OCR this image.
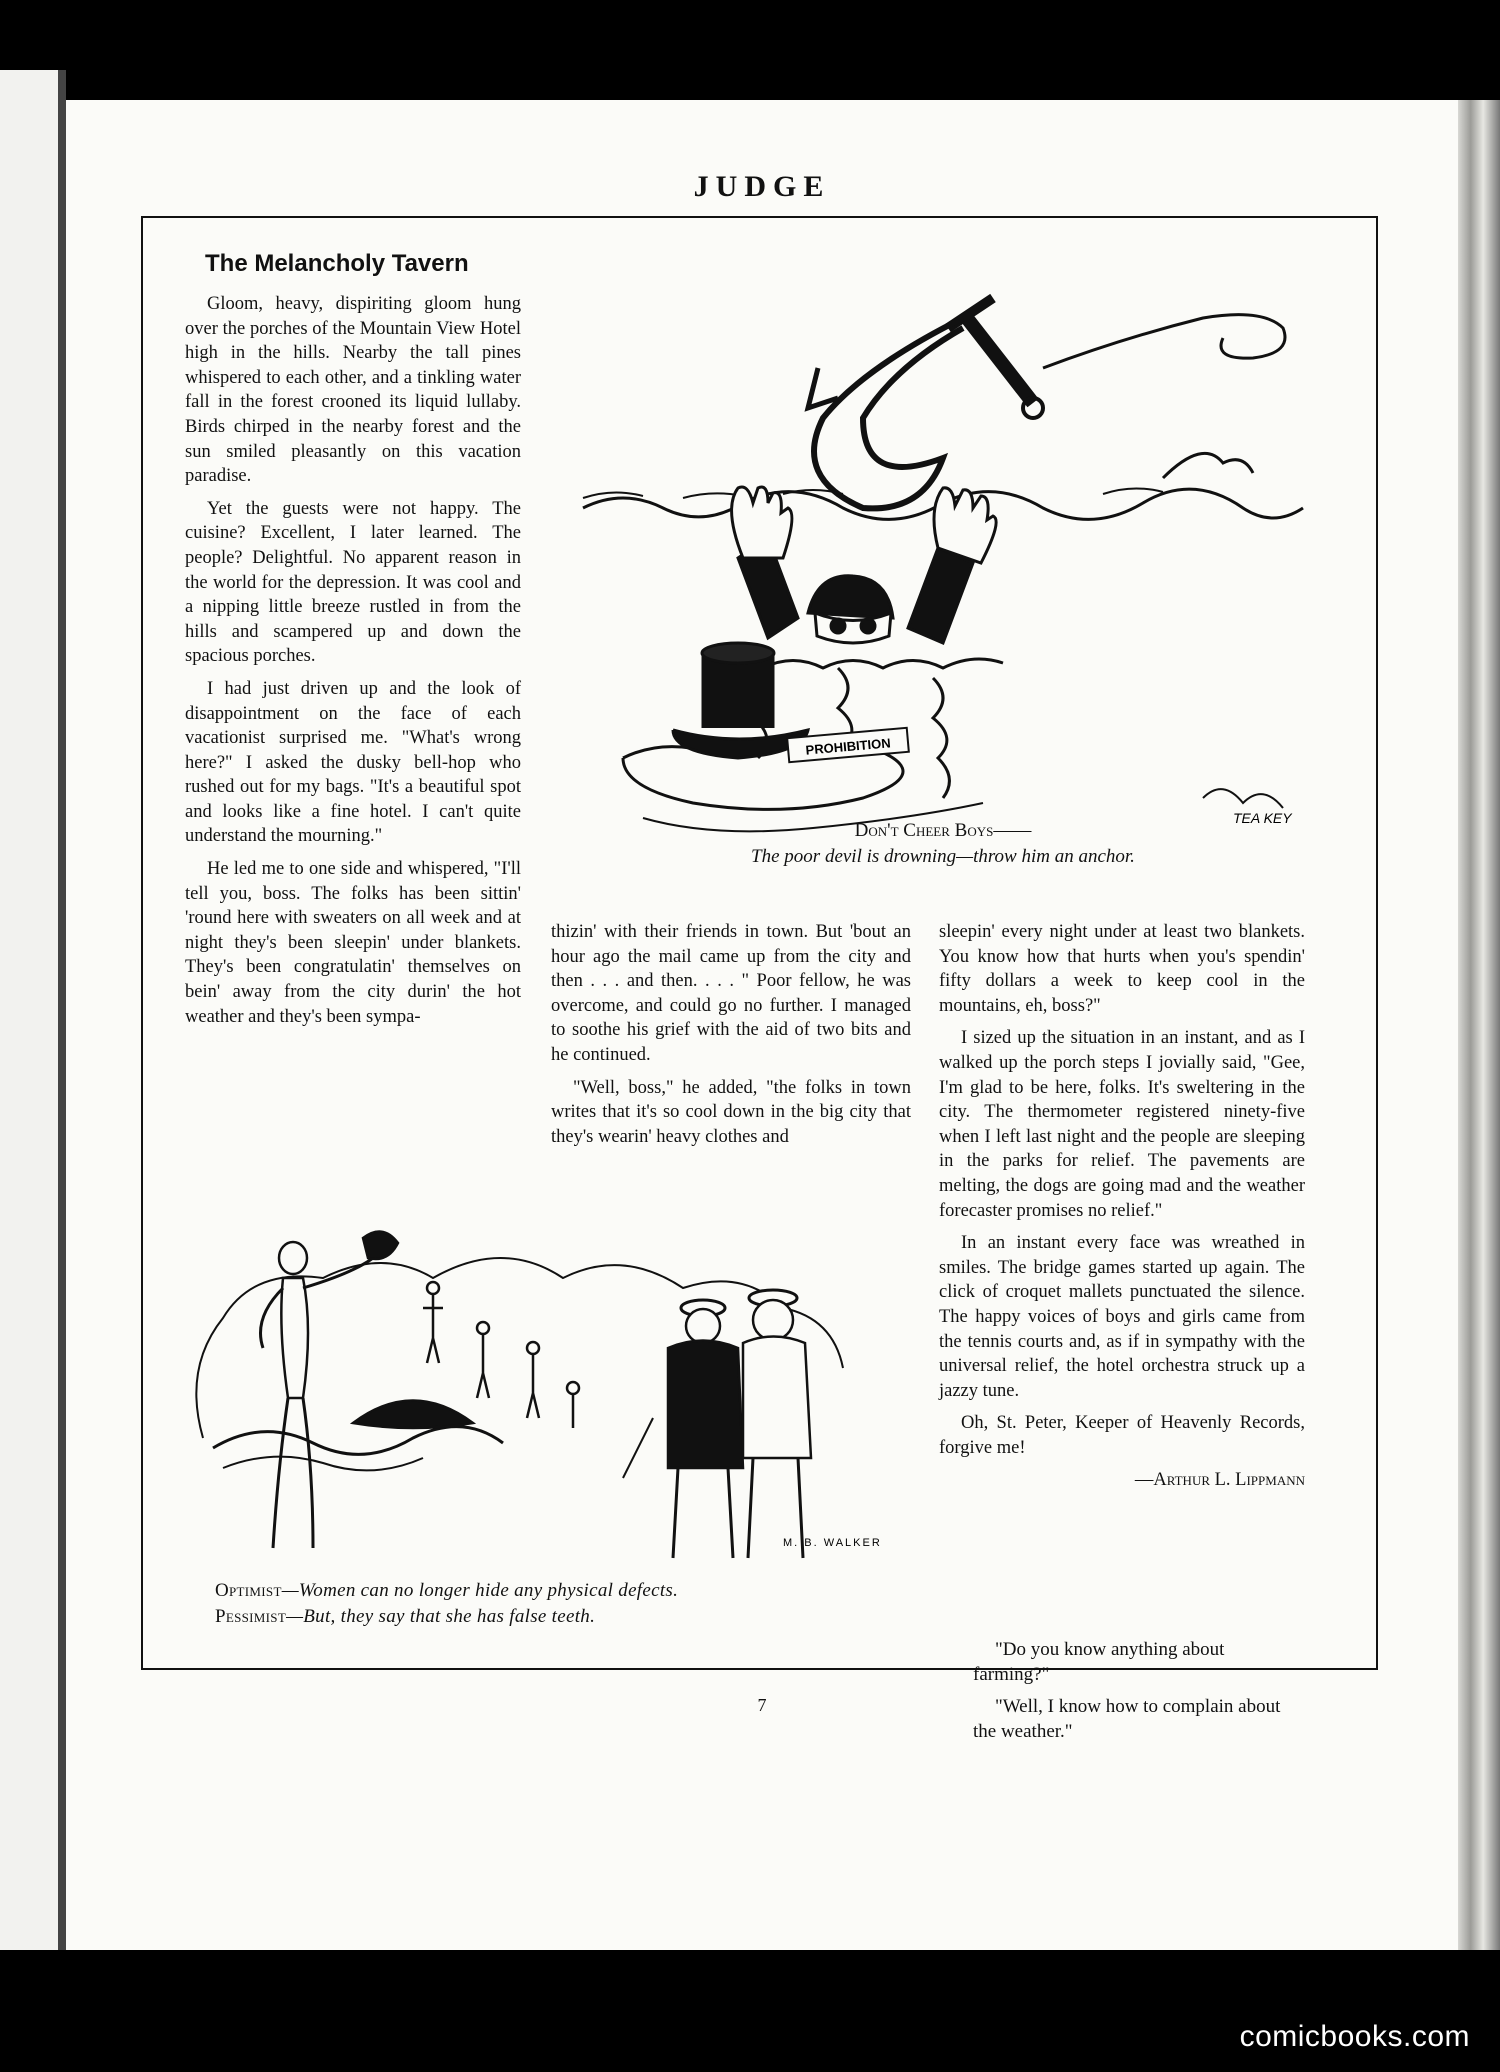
JUDGE
The Melancholy Tavern

Gloom, heavy, dispiriting gloom hung over the porches of the Mountain View Hotel high in the hills. Nearby the tall pines whispered to each other, and a tinkling water fall in the forest crooned its liquid lullaby. Birds chirped in the nearby forest and the sun smiled pleasantly on this vacation paradise.

Yet the guests were not happy. The cuisine? Excellent, I later learned. The people? Delightful. No apparent reason in the world for the depression. It was cool and a nipping little breeze rustled in from the hills and scampered up and down the spacious porches.

I had just driven up and the look of disappointment on the face of each vacationist surprised me. "What's wrong here?" I asked the dusky bell-hop who rushed out for my bags. "It's a beautiful spot and looks like a fine hotel. I can't quite understand the mourning."

He led me to one side and whispered, "I'll tell you, boss. The folks has been sittin' 'round here with sweaters on all week and at night they's been sleepin' under blankets. They's been congratulatin' themselves on bein' away from the city durin' the hot weather and they's been sympa-

thizin' with their friends in town. But 'bout an hour ago the mail came up from the city and then . . . and then. . . . " Poor fellow, he was overcome, and could go no further. I managed to soothe his grief with the aid of two bits and he continued.

"Well, boss," he added, "the folks in town writes that it's so cool down in the big city that they's wearin' heavy clothes and

sleepin' every night under at least two blankets. You know how that hurts when you's spendin' fifty dollars a week to keep cool in the mountains, eh, boss?"

I sized up the situation in an instant, and as I walked up the porch steps I jovially said, "Gee, I'm glad to be here, folks. It's sweltering in the city. The thermometer registered ninety-five when I left last night and the people are sleeping in the parks for relief. The pavements are melting, the dogs are going mad and the weather forecaster promises no relief."

In an instant every face was wreathed in smiles. The bridge games started up again. The click of croquet mallets punctuated the silence. The happy voices of boys and girls came from the tennis courts and, as if in sympathy with the universal relief, the hotel orchestra struck up a jazzy tune.

Oh, St. Peter, Keeper of Heavenly Records, forgive me!

—Arthur L. Lippmann

PROHIBITION
TEA KEY
Don't Cheer Boys——
The poor devil is drowning—throw him an anchor.
M. B. WALKER
Optimist—Women can no longer hide any physical defects.
Pessimist—But, they say that she has false teeth.

"Do you know anything about farming?"

"Well, I know how to complain about the weather."

7
comicbooks.com
